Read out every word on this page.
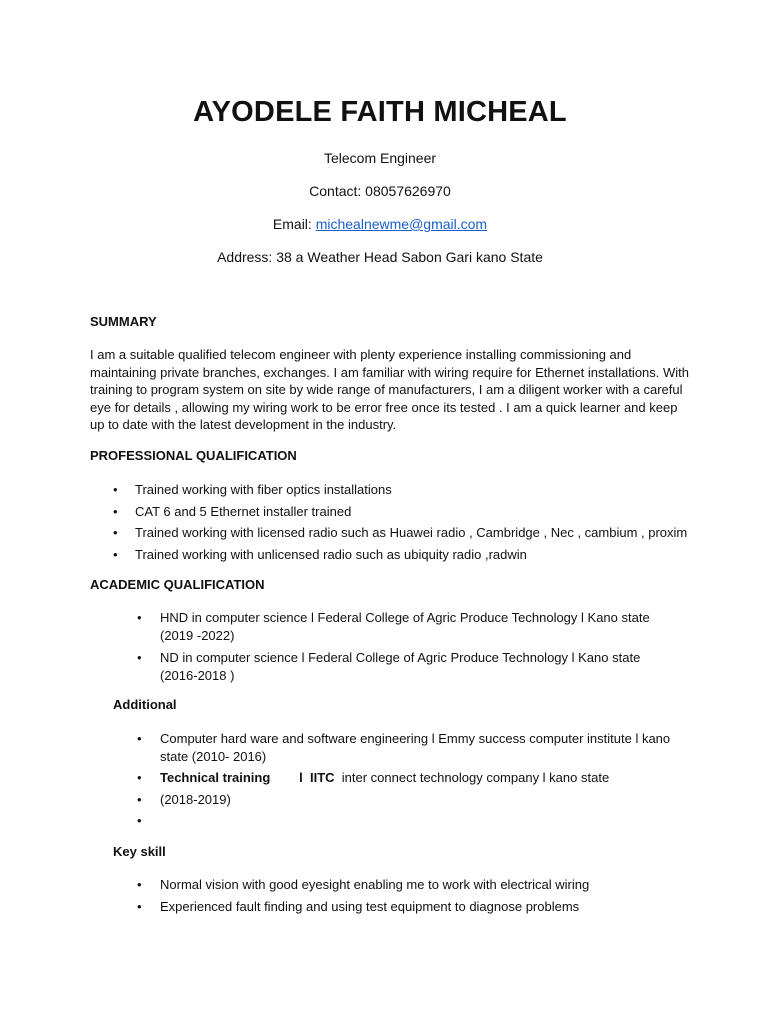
AYODELE FAITH MICHEAL
Telecom Engineer
Contact: 08057626970
Email: michealnewme@gmail.com
Address: 38 a Weather Head Sabon Gari kano State
SUMMARY

I am a suitable qualified telecom engineer with plenty experience installing commissioning and maintaining private branches, exchanges. I am familiar with wiring require for Ethernet installations. With training to program system on site by wide range of manufacturers, I am a diligent worker with a careful eye for details , allowing my wiring work to be error free once its tested . I am a quick learner and keep up to date with the latest development in the industry.

PROFESSIONAL QUALIFICATION
• Trained working with fiber optics installations
• CAT 6 and 5 Ethernet installer trained
• Trained working with licensed radio such as Huawei radio , Cambridge , Nec , cambium , proxim
• Trained working with unlicensed radio such as ubiquity radio ,radwin
ACADEMIC QUALIFICATION
• HND in computer science l Federal College of Agric Produce Technology l Kano state (2019 -2022)
• ND in computer science l Federal College of Agric Produce Technology l Kano state (2016-2018 )
Additional
• Computer hard ware and software engineering l Emmy success computer institute l kano state (2010- 2016)
• Technical training        l  IITC  inter connect technology company l kano state
• (2018-2019)
•
Key skill
• Normal vision with good eyesight enabling me to work with electrical wiring
• Experienced fault finding and using test equipment to diagnose problems
